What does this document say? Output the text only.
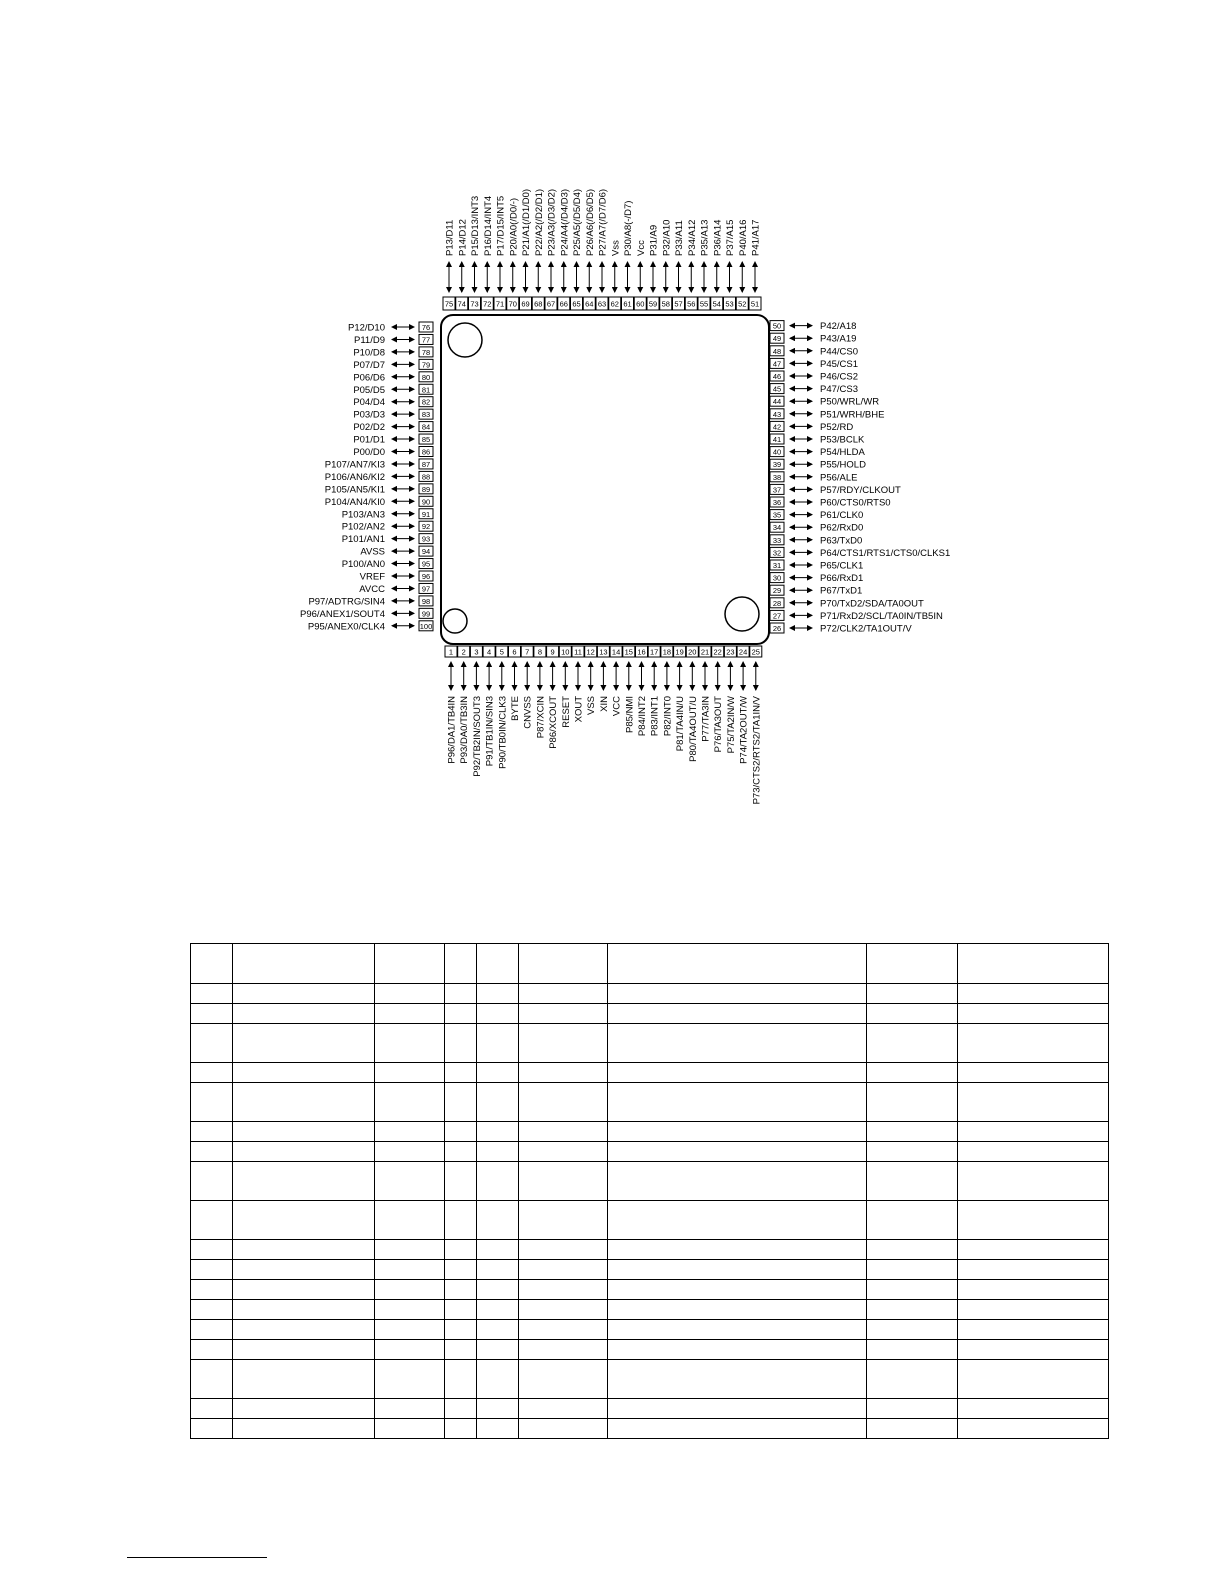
1
P96/DA1/TB4IN
2
P93/DA0/TB3IN
3
P92/TB2IN/SOUT3
4
P91/TB1IN/SIN3
5
P90/TB0IN/CLK3
6
BYTE
7
CNVSS
8
P87/XCIN
9
P86/XCOUT
10
RESET
11
XOUT
12
VSS
13
XIN
14
VCC
15
P85/NMI
16
P84/INT2
17
P83/INT1
18
P82/INT0
19
P81/TA4IN/U
20
P80/TA4OUT/U
21
P77/TA3IN
22
P76/TA3OUT
23
P75/TA2IN/W
24
P74/TA2OUT/W
25
P73/CTS2/RTS2/TA1IN/V
26	P72/CLK2/TA1OUT/V
27	P71/RxD2/SCL/TA0IN/TB5IN
28	P70/TxD2/SDA/TA0OUT
29	P67/TxD1
30	P66/RxD1
31	P65/CLK1
32	P64/CTS1/RTS1/CTS0/CLKS1
33	P63/TxD0
34	P62/RxD0
35	P61/CLK0
36	P60/CTS0/RTS0
37	P57/RDY/CLKOUT
38	P56/ALE
39	P55/HOLD
40	P54/HLDA
41	P53/BCLK
42	P52/RD
43	P51/WRH/BHE
44	P50/WRL/WR
45	P47/CS3
46	P46/CS2
47	P45/CS1
48	P44/CS0
49	P43/A19
50	P42/A18
51
P41/A17
52
P40/A16
53
P37/A15
54
P36/A14
55
P35/A13
56
P34/A12
57
P33/A11
58
P32/A10
59
P31/A9
60
Vcc
61
P30/A8(-/D7)
62
Vss
63
P27/A7(/D7/D6)
64
P26/A6(/D6/D5)
65
P25/A5(/D5/D4)
66
P24/A4(/D4/D3)
67
P23/A3(/D3/D2)
68
P22/A2(/D2/D1)
69
P21/A1(/D1/D0)
70
P20/A0(/D0/-)
71
P17/D15/INT5
72
P16/D14/INT4
73
P15/D13/INT3
74
P14/D12
75
P13/D11
76
P12/D10
77
P11/D9
78
P10/D8
79
P07/D7
80
P06/D6
81
P05/D5
82
P04/D4
83
P03/D3
84
P02/D2
85
P01/D1
86
P00/D0
87
P107/AN7/KI3
88
P106/AN6/KI2
89
P105/AN5/KI1
90
P104/AN4/KI0
91
P103/AN3
92
P102/AN2
93
P101/AN1
94
AVSS
95
P100/AN0
96
VREF
97
AVCC
98
P97/ADTRG/SIN4
99
P96/ANEX1/SOUT4
100
P95/ANEX0/CLK4
